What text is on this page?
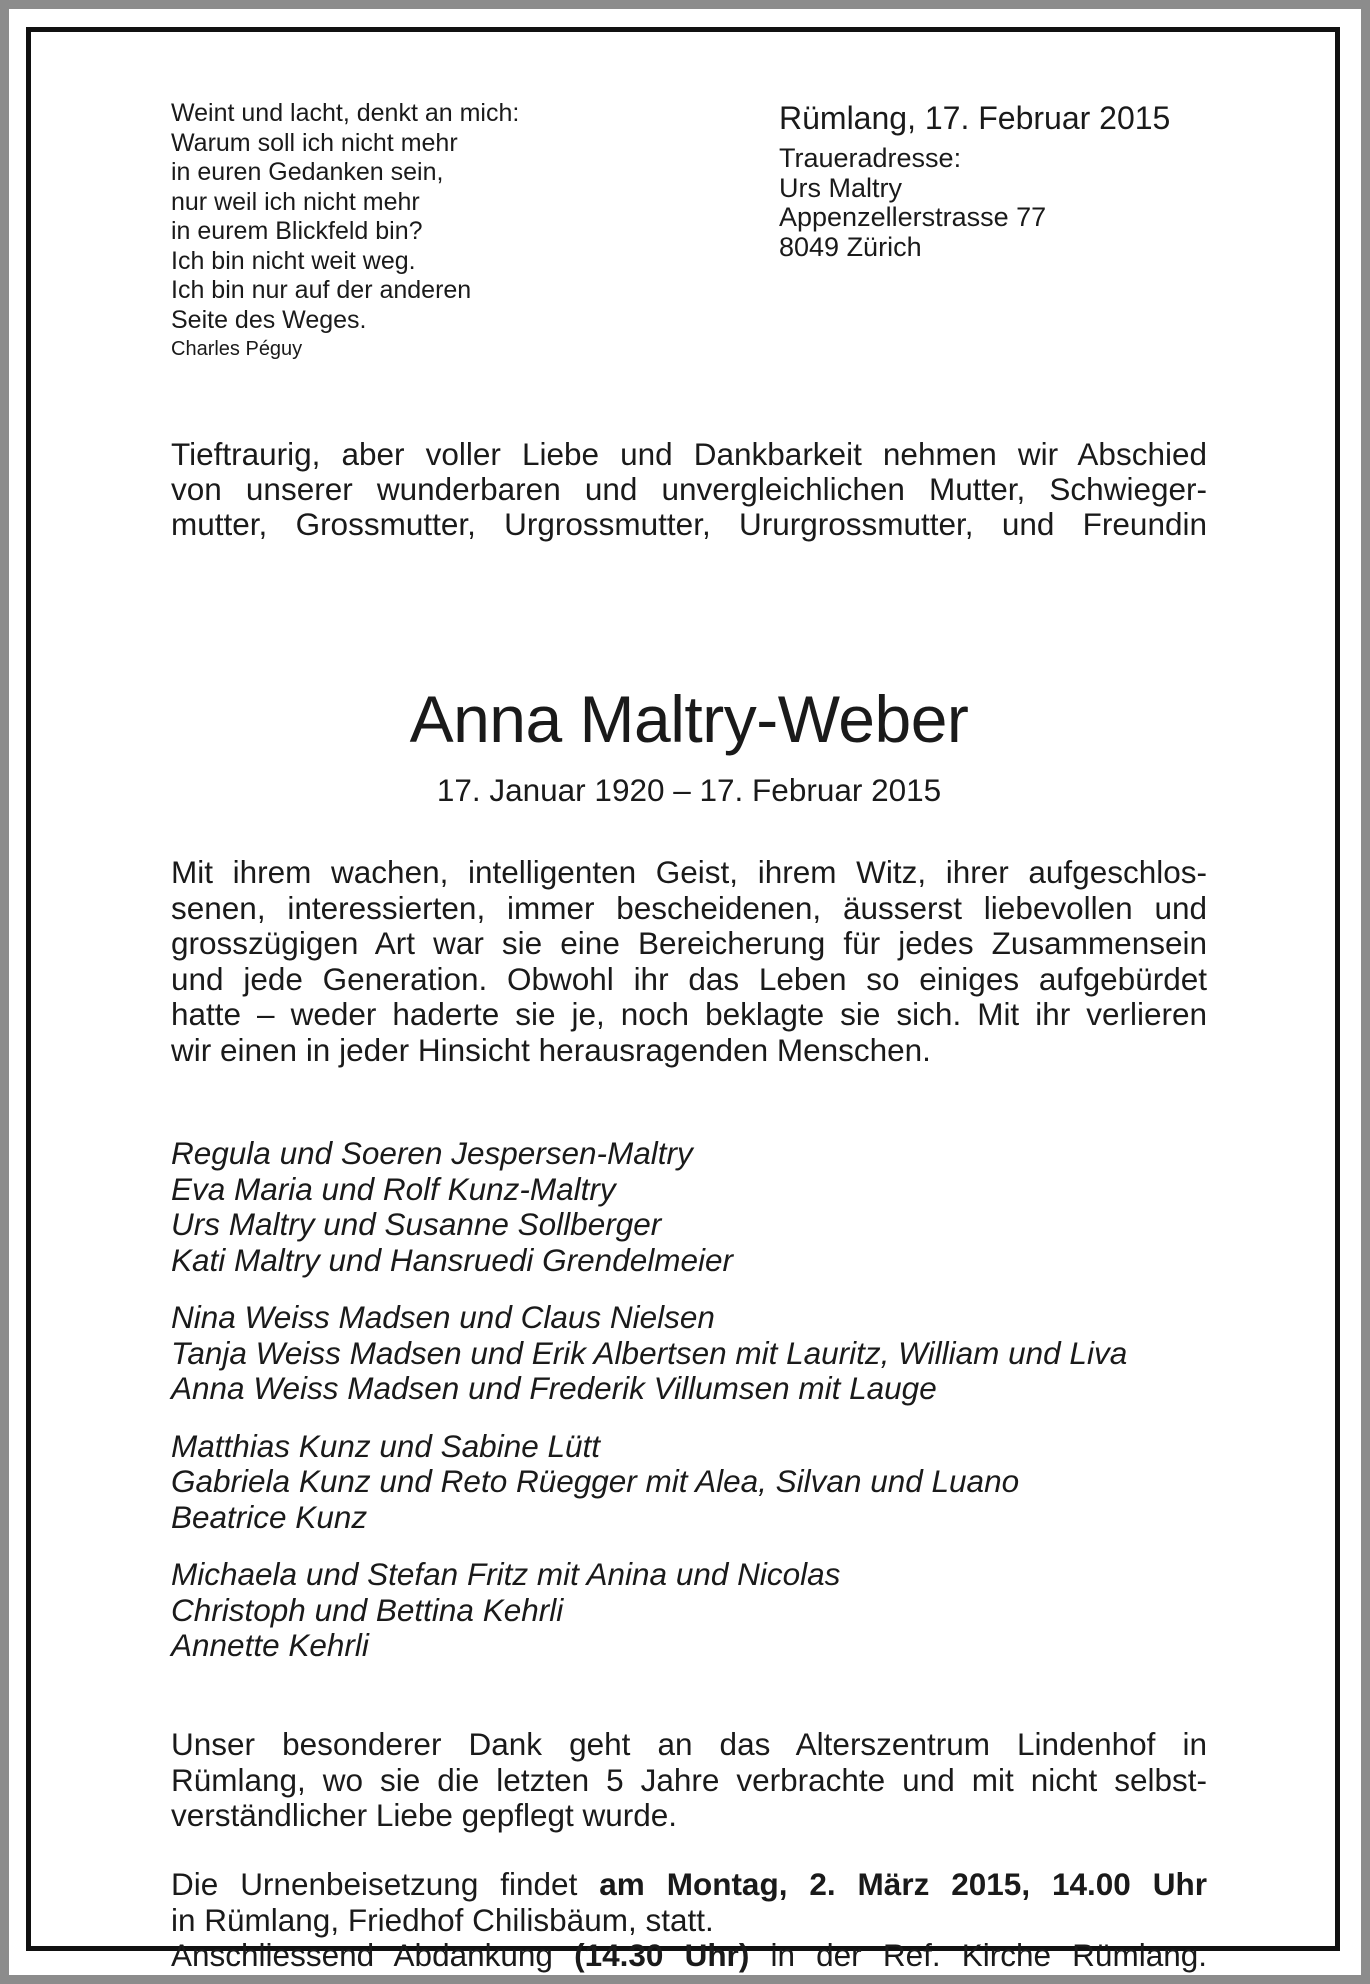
Weint und lacht, denkt an mich:
Warum soll ich nicht mehr
in euren Gedanken sein,
nur weil ich nicht mehr
in eurem Blickfeld bin?
Ich bin nicht weit weg.
Ich bin nur auf der anderen
Seite des Weges.
Charles Péguy
Rümlang, 17. Februar 2015
Traueradresse:
Urs Maltry
Appenzellerstrasse 77
8049 Zürich
Tieftraurig, aber voller Liebe und Dankbarkeit nehmen wir Abschied
von unserer wunderbaren und unvergleichlichen Mutter, Schwieger-
mutter, Grossmutter, Urgrossmutter, Ururgrossmutter, und Freundin
Anna Maltry-Weber
17. Januar 1920 – 17. Februar 2015
Mit ihrem wachen, intelligenten Geist, ihrem Witz, ihrer aufgeschlos-
senen, interessierten, immer bescheidenen, äusserst liebevollen und
grosszügigen Art war sie eine Bereicherung für jedes Zusammensein
und jede Generation. Obwohl ihr das Leben so einiges aufgebürdet
hatte – weder haderte sie je, noch beklagte sie sich. Mit ihr verlieren
wir einen in jeder Hinsicht herausragenden Menschen.
Regula und Soeren Jespersen-Maltry
Eva Maria und Rolf Kunz-Maltry
Urs Maltry und Susanne Sollberger
Kati Maltry und Hansruedi Grendelmeier
Nina Weiss Madsen und Claus Nielsen
Tanja Weiss Madsen und Erik Albertsen mit Lauritz, William und Liva
Anna Weiss Madsen und Frederik Villumsen mit Lauge
Matthias Kunz und Sabine Lütt
Gabriela Kunz und Reto Rüegger mit Alea, Silvan und Luano
Beatrice Kunz
Michaela und Stefan Fritz mit Anina und Nicolas
Christoph und Bettina Kehrli
Annette Kehrli
Unser besonderer Dank geht an das Alterszentrum Lindenhof in
Rümlang, wo sie die letzten 5 Jahre verbrachte und mit nicht selbst-
verständlicher Liebe gepflegt wurde.
Die Urnenbeisetzung findet am Montag, 2. März 2015, 14.00 Uhr
in Rümlang, Friedhof Chilisbäum, statt.
Anschliessend Abdankung (14.30 Uhr) in der Ref. Kirche Rümlang.
